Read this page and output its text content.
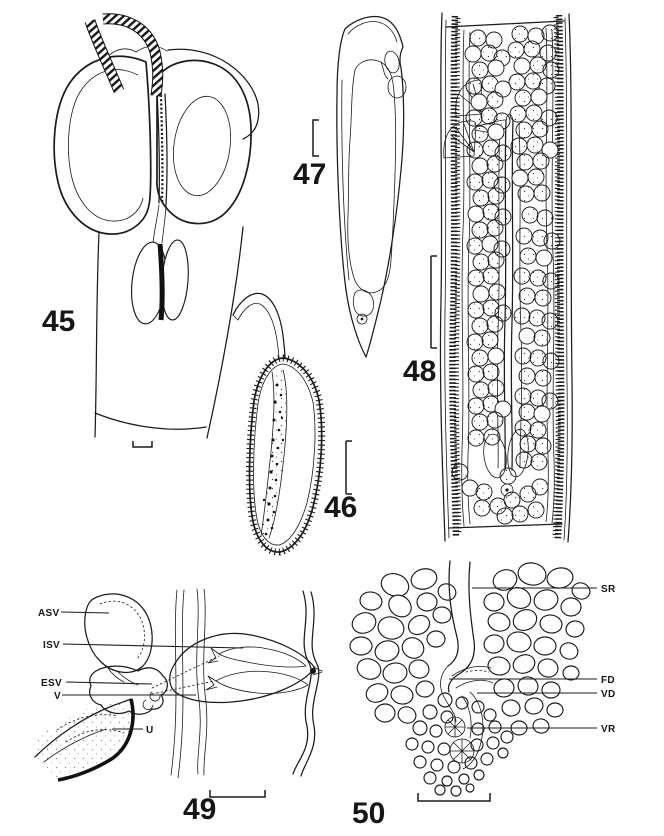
45
47
48
46
ASV
ISV
ESV
V
U
49
SR
FD
VD
VR
50
